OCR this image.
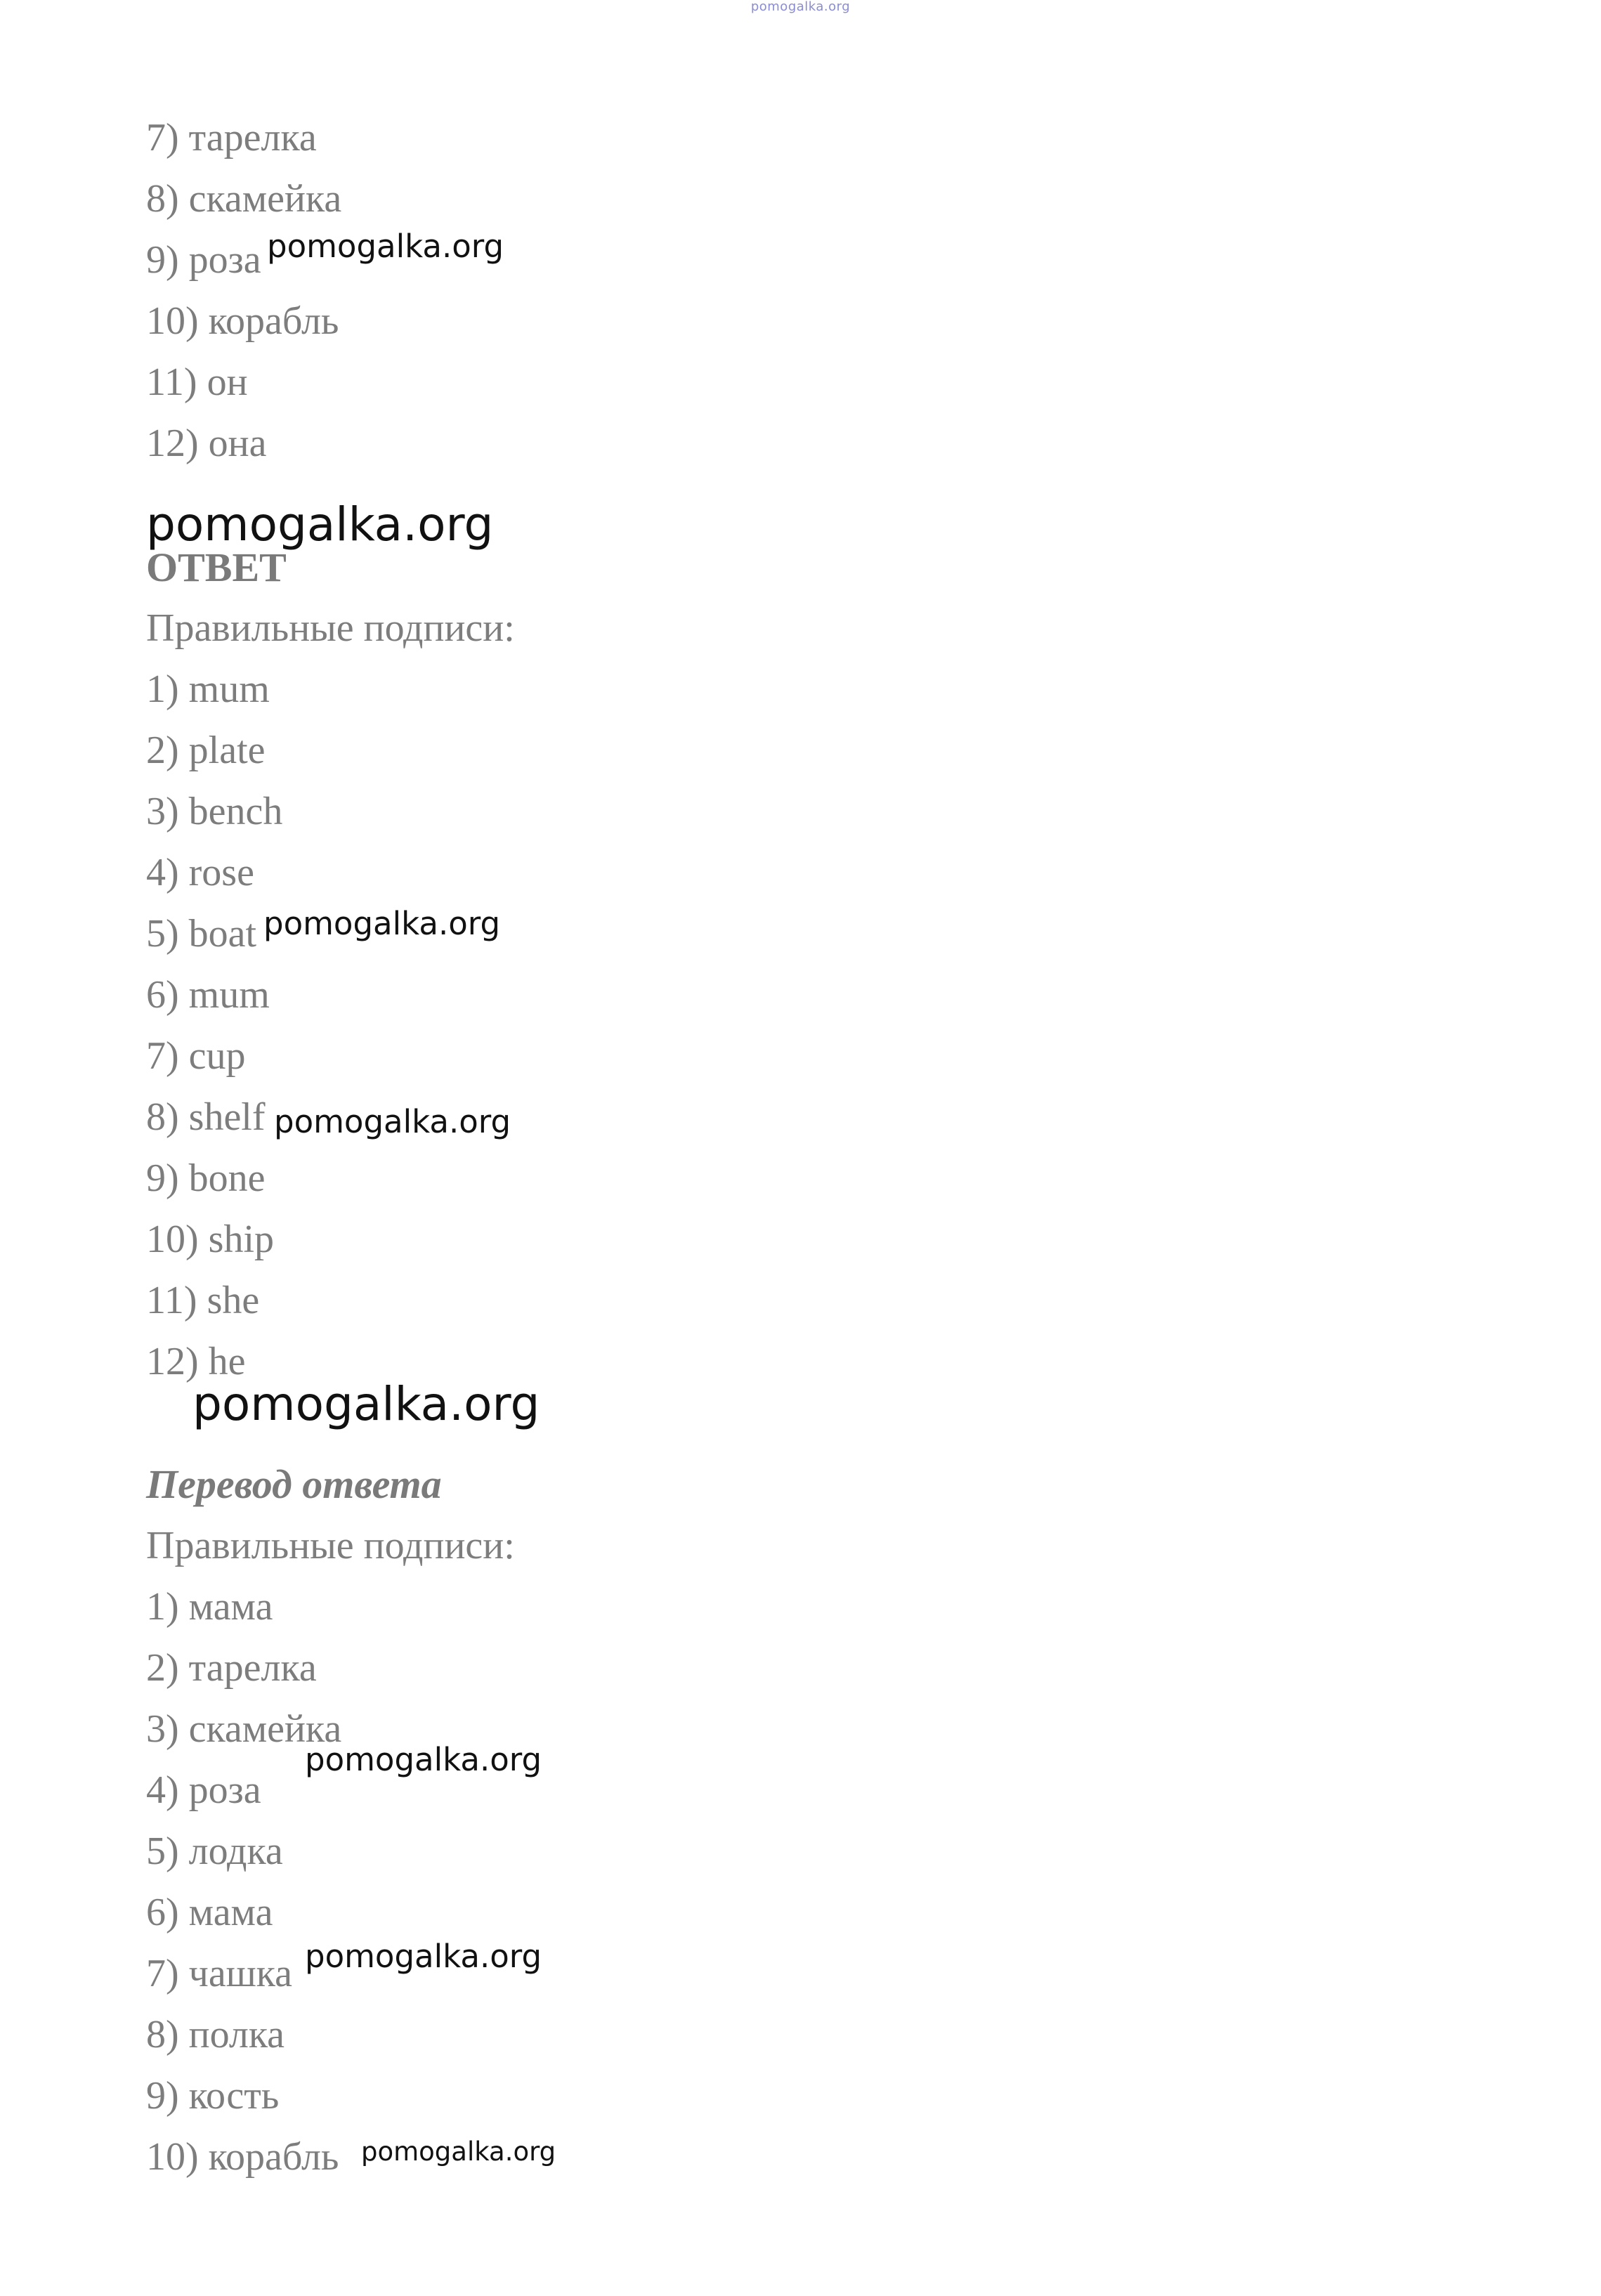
pomogalka.org
7) тарелка
8) скамейка
9) роза
10) корабль
11) он
12) она
ОТВЕТ
Правильные подписи:
1) mum
2) plate
3) bench
4) rose
5) boat
6) mum
7) cup
8) shelf
9) bone
10) ship
11) she
12) he
Перевод ответа
Правильные подписи:
1) мама
2) тарелка
3) скамейка
4) роза
5) лодка
6) мама
7) чашка
8) полка
9) кость
10) корабль
pomogalka.org
pomogalka.org
pomogalka.org
pomogalka.org
pomogalka.org
pomogalka.org
pomogalka.org
pomogalka.org
